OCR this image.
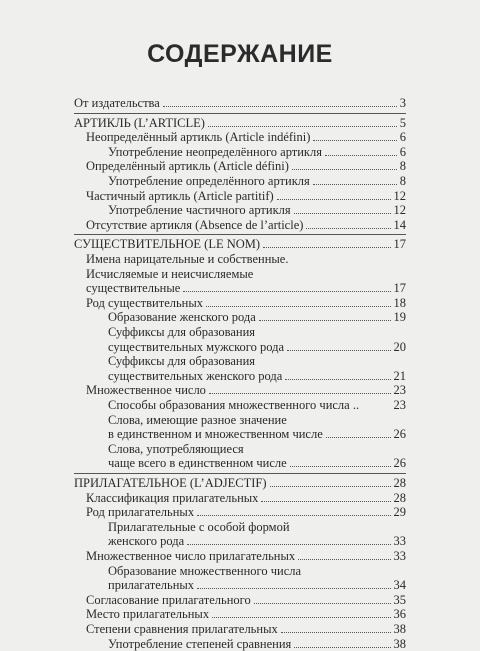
СОДЕРЖАНИЕ
От издательства	3
АРТИКЛЬ (L’ARTICLE)	5
Неопределённый артикль (Article indéfini)	6
Употребление неопределённого артикля	6
Определённый артикль (Article défini)	8
Употребление определённого артикля	8
Частичный артикль (Article partitif)	12
Употребление частичного артикля	12
Отсутствие артикля (Absence de l’article)	14
СУЩЕСТВИТЕЛЬНОЕ (LE NOM)	17
Имена нарицательные и собственные.
Исчисляемые и неисчисляемые
существительные	17
Род существительных	18
Образование женского рода	19
Суффиксы для образования
существительных мужского рода	20
Суффиксы для образования
существительных женского рода	21
Множественное число	23
Способы образования множественного числа ..	23
Слова, имеющие разное значение
в единственном и множественном числе	26
Слова, употребляющиеся
чаще всего в единственном числе	26
ПРИЛАГАТЕЛЬНОЕ (L’ADJECTIF)	28
Классификация прилагательных	28
Род прилагательных	29
Прилагательные с особой формой
женского рода	33
Множественное число прилагательных	33
Образование множественного числа
прилагательных	34
Согласование прилагательного	35
Место прилагательных	36
Степени сравнения прилагательных	38
Употребление степеней сравнения	38
